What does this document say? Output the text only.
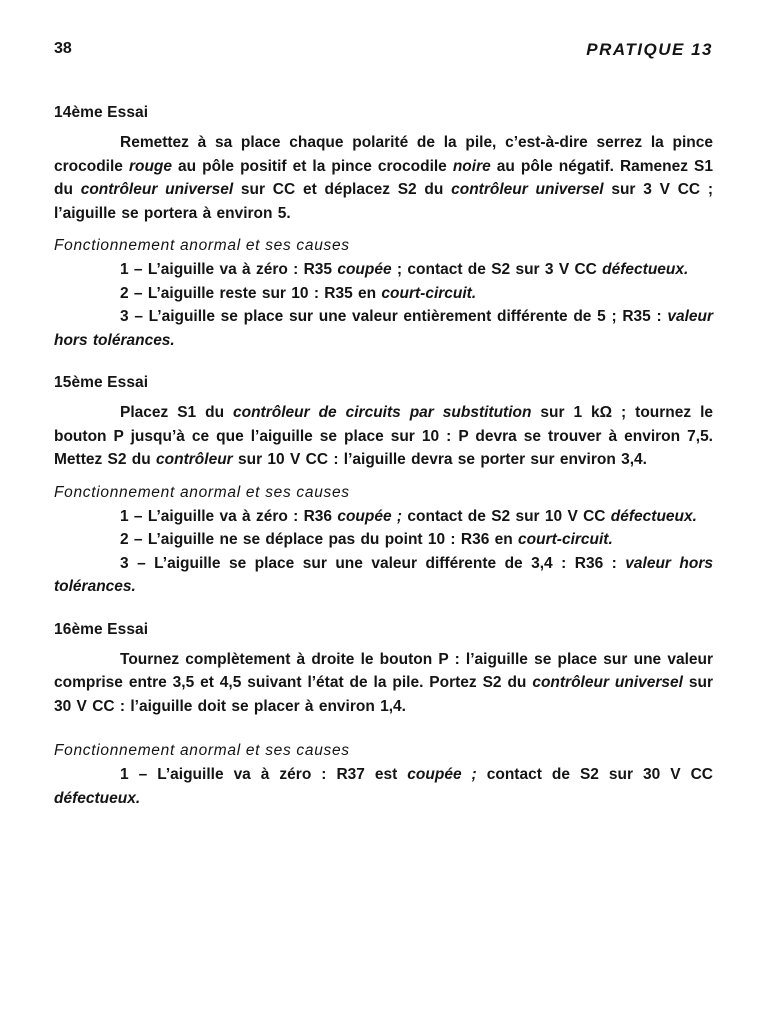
38	PRATIQUE 13
14ème Essai

Remettez à sa place chaque polarité de la pile, c’est-à-dire serrez la pince crocodile rouge au pôle positif et la pince crocodile noire au pôle négatif. Ramenez S1 du contrôleur universel sur CC et déplacez S2 du contrôleur universel sur 3 V CC ; l’aiguille se portera à environ 5.

Fonctionnement anormal et ses causes

1 – L’aiguille va à zéro : R35 coupée ; contact de S2 sur 3 V CC défectueux.

2 – L’aiguille reste sur 10 : R35 en court-circuit.

3 – L’aiguille se place sur une valeur entièrement différente de 5 ; R35 : valeur hors tolérances.

15ème Essai

Placez S1 du contrôleur de circuits par substitution sur 1 kΩ ; tournez le bouton P jusqu’à ce que l’aiguille se place sur 10 : P devra se trouver à environ 7,5. Mettez S2 du contrôleur sur 10 V CC : l’aiguille devra se porter sur environ 3,4.

Fonctionnement anormal et ses causes

1 – L’aiguille va à zéro : R36 coupée ; contact de S2 sur 10 V CC défectueux.

2 – L’aiguille ne se déplace pas du point 10 : R36 en court-circuit.

3 – L’aiguille se place sur une valeur différente de 3,4 : R36 : valeur hors tolérances.

16ème Essai

Tournez complètement à droite le bouton P : l’aiguille se place sur une valeur comprise entre 3,5 et 4,5 suivant l’état de la pile. Portez S2 du contrôleur universel sur 30 V CC : l’aiguille doit se placer à environ 1,4.

Fonctionnement anormal et ses causes

1 – L’aiguille va à zéro : R37 est coupée ; contact de S2 sur 30 V CC défectueux.
